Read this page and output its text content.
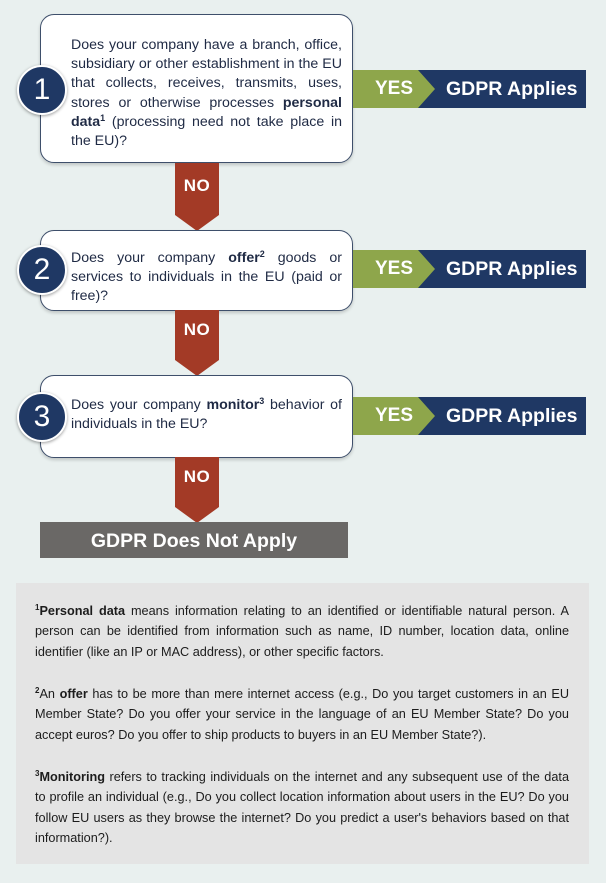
Does your company have a branch, office, subsidiary or other establishment in the EU that collects, receives, transmits, uses, stores or otherwise processes personal data$^1$ (processing need not take place in the EU)?
1	YES	GDPR Applies
NO
Does your company offer$^2$ goods or services to individuals in the EU (paid or free)?
2	YES	GDPR Applies
NO
Does your company monitor$^3$ behavior of individuals in the EU?
3	YES	GDPR Applies
NO
GDPR Does Not Apply

$^1$Personal data means information relating to an identified or identifiable natural person. A person can be identified from information such as name, ID number, location data, online identifier (like an IP or MAC address), or other specific factors.

$^2$An offer has to be more than mere internet access (e.g., Do you target customers in an EU Member State? Do you offer your service in the language of an EU Member State? Do you accept euros? Do you offer to ship products to buyers in an EU Member State?).

$^3$Monitoring refers to tracking individuals on the internet and any subsequent use of the data to profile an individual (e.g., Do you collect location information about users in the EU? Do you follow EU users as they browse the internet? Do you predict a user's behaviors based on that information?).
